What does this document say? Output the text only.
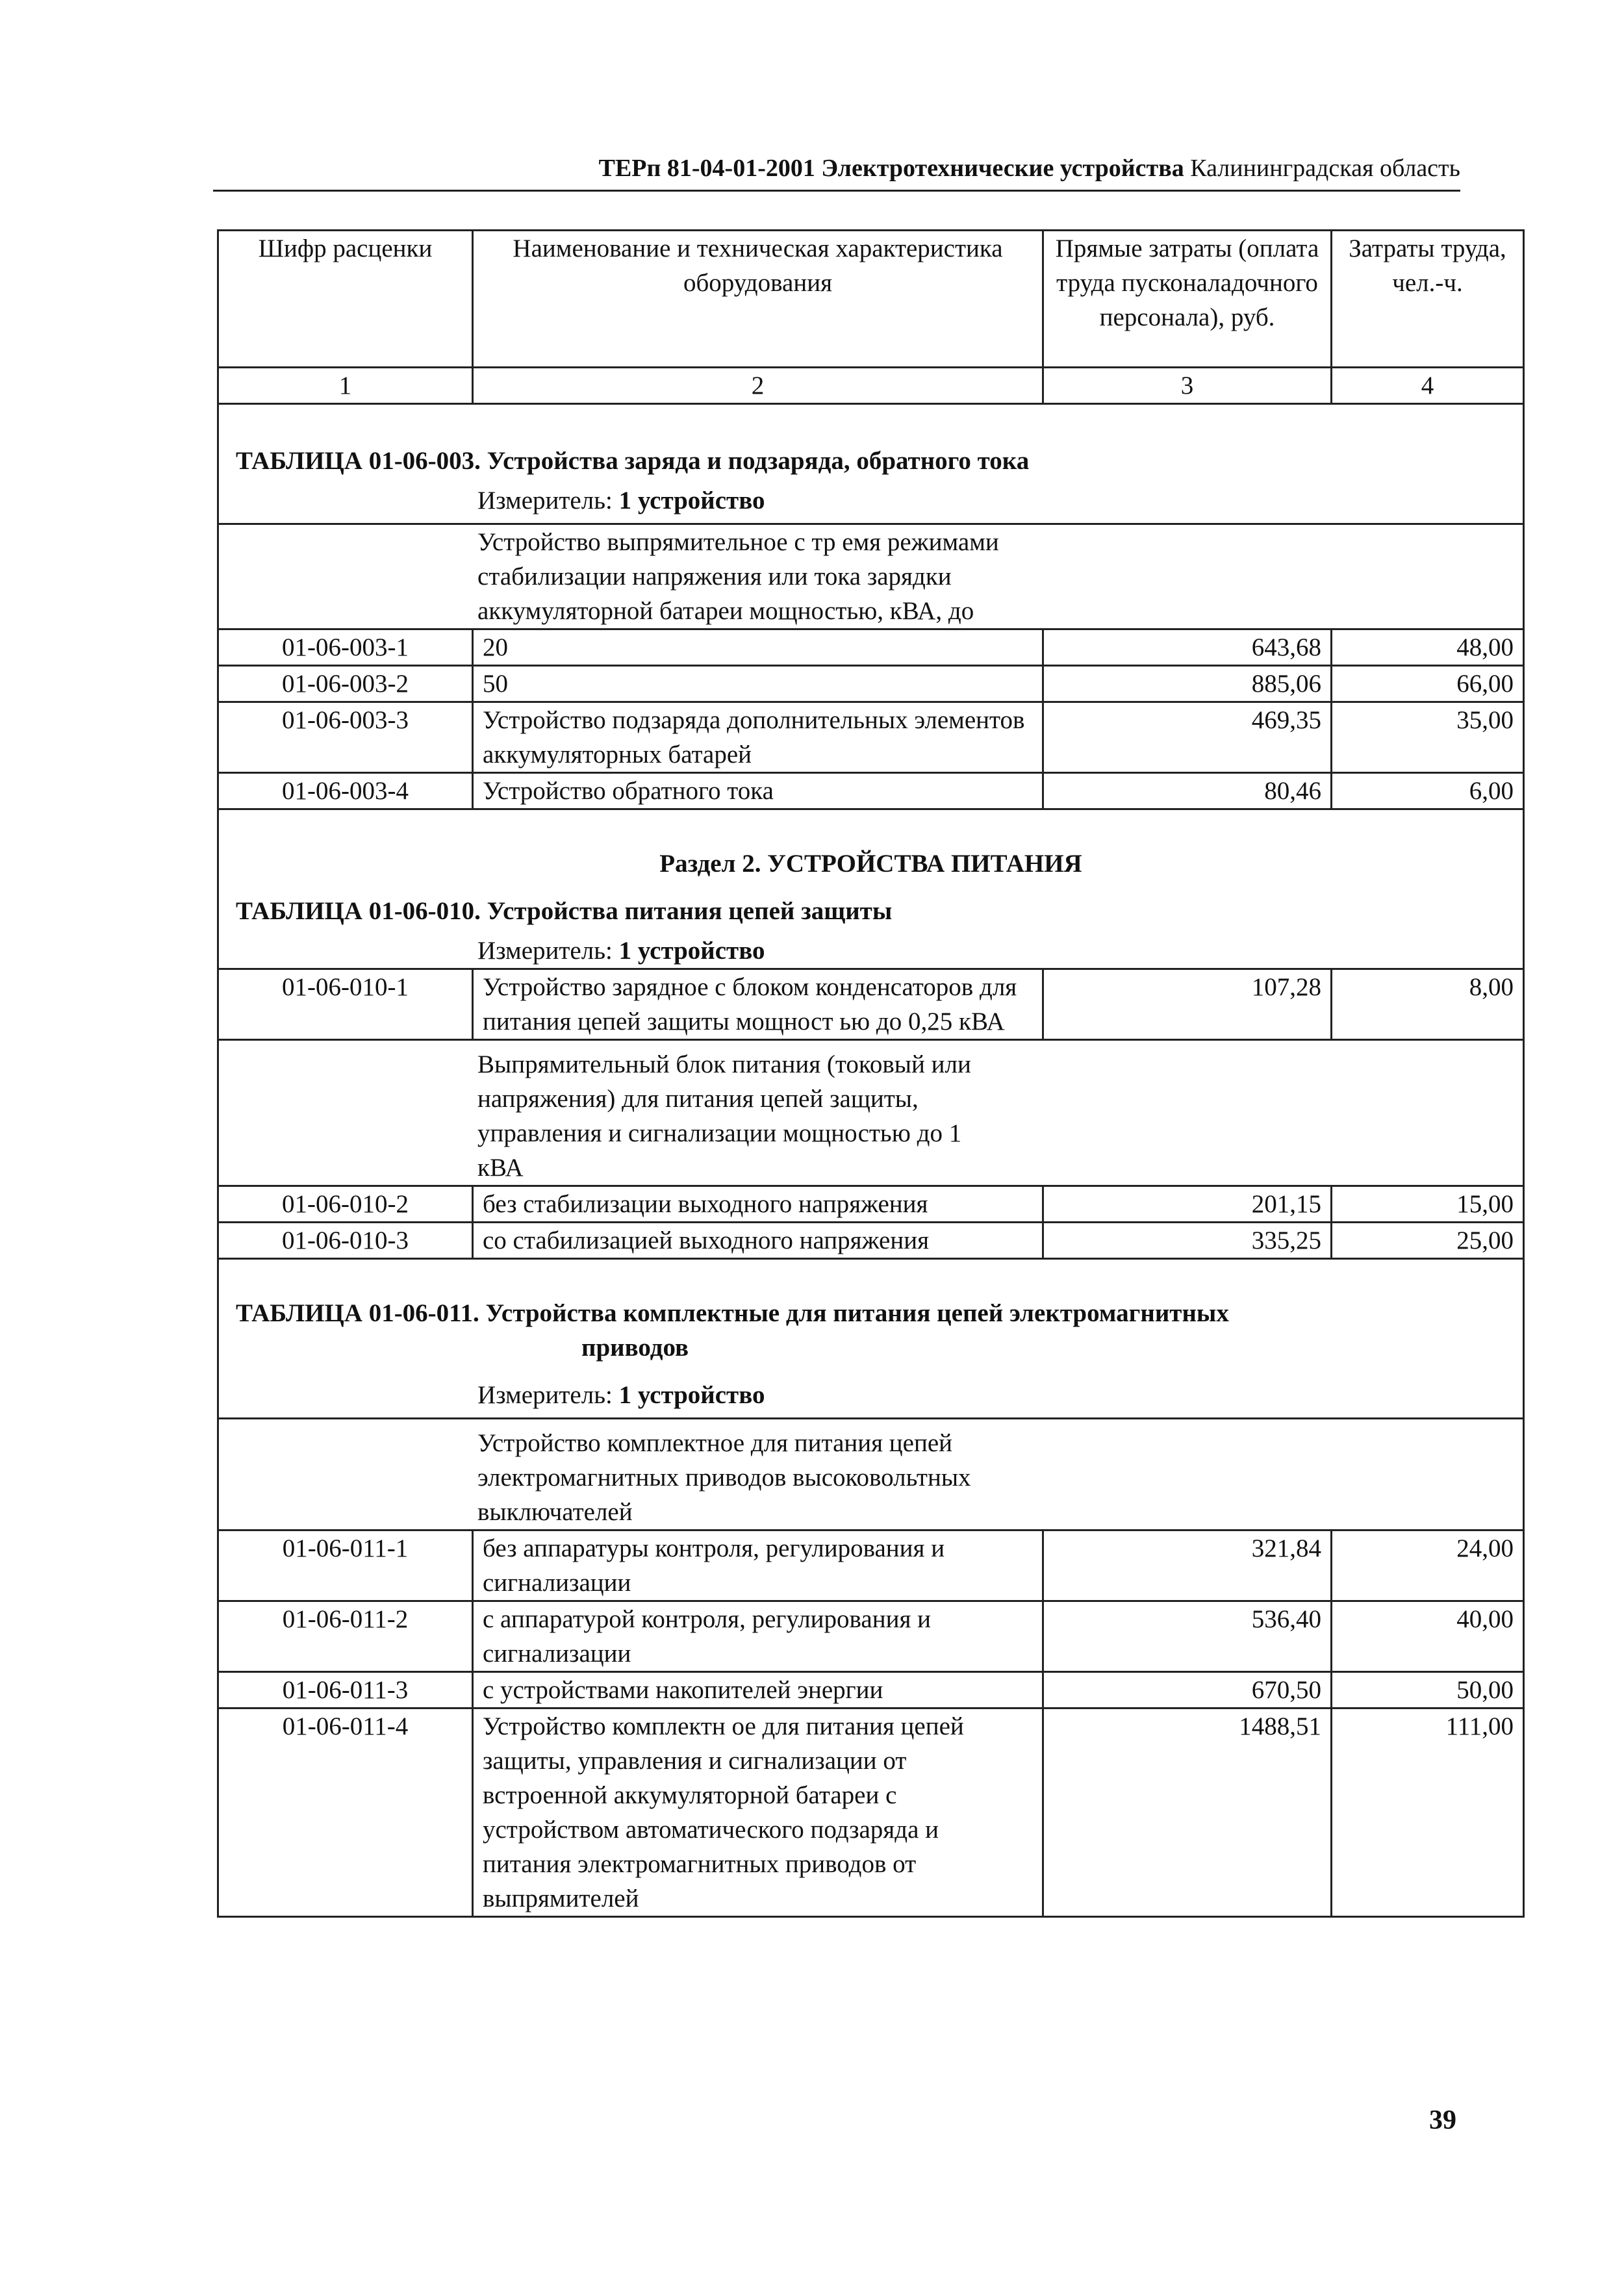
ТЕРп 81-04-01-2001 Электротехнические устройства Калининградская область
Шифр расценки	Наименование и техническая характеристика оборудования	Прямые затраты (оплата труда пусконаладочного персонала), руб.	Затраты труда, чел.-ч.
1	2	3	4
ТАБЛИЦА 01-06-003. Устройства заряда и подзаряда, обратного тока			
Измеритель: 1 устройство			

Устройство выпрямительное с тр емя режимами стабилизации напряжения или тока зарядки аккумуляторной батареи мощностью, кВА, до			

01-06-003-1	20	643,68	48,00
01-06-003-2	50	885,06	66,00
01-06-003-3	Устройство подзаряда дополнительных элементов аккумуляторных батарей	469,35	35,00
01-06-003-4	Устройство обратного тока	80,46	6,00
Раздел 2. УСТРОЙСТВА ПИТАНИЯ			
ТАБЛИЦА 01-06-010. Устройства питания цепей защиты			
Измеритель: 1 устройство			
01-06-010-1	Устройство зарядное с блоком конденсаторов для питания цепей защиты мощност ью до 0,25 кВА	107,28	8,00

Выпрямительный блок питания (токовый или напряжения) для питания цепей защиты, управления и сигнализации мощностью до 1 кВА			

01-06-010-2	без стабилизации выходного напряжения	201,15	15,00
01-06-010-3	со стабилизацией выходного напряжения	335,25	25,00
ТАБЛИЦА 01-06-011. Устройства комплектные для питания цепей электромагнитных
приводов			
Измеритель: 1 устройство			

Устройство комплектное для питания цепей электромагнитных приводов высоковольтных выключателей			

01-06-011-1	без аппаратуры контроля, регулирования и сигнализации	321,84	24,00
01-06-011-2	с аппаратурой контроля, регулирования и сигнализации	536,40	40,00
01-06-011-3	с устройствами накопителей энергии	670,50	50,00
01-06-011-4	Устройство комплектн ое для питания цепей защиты, управления и сигнализации от встроенной аккумуляторной батареи с устройством автоматического подзаряда и питания электромагнитных приводов от выпрямителей	1488,51	111,00
39
